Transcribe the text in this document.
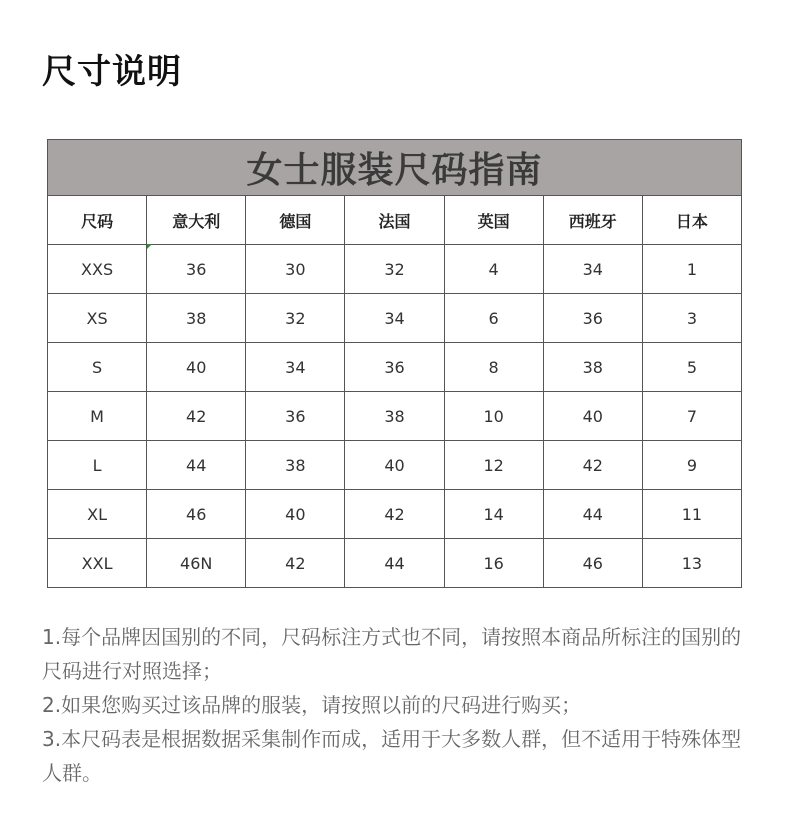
尺寸说明
女士服装尺码指南						
尺码	意大利	德国	法国	英国	西班牙	日本
XXS	36	30	32	4	34	1
XS	38	32	34	6	36	3
S	40	34	36	8	38	5
M	42	36	38	10	40	7
L	44	38	40	12	42	9
XL	46	40	42	14	44	11
XXL	46N	42	44	16	46	13

1.每个品牌因国别的不同，尺码标注方式也不同，请按照本商品所标注的国别的尺码进行对照选择；

2.如果您购买过该品牌的服装，请按照以前的尺码进行购买；

3.本尺码表是根据数据采集制作而成，适用于大多数人群，但不适用于特殊体型人群。
